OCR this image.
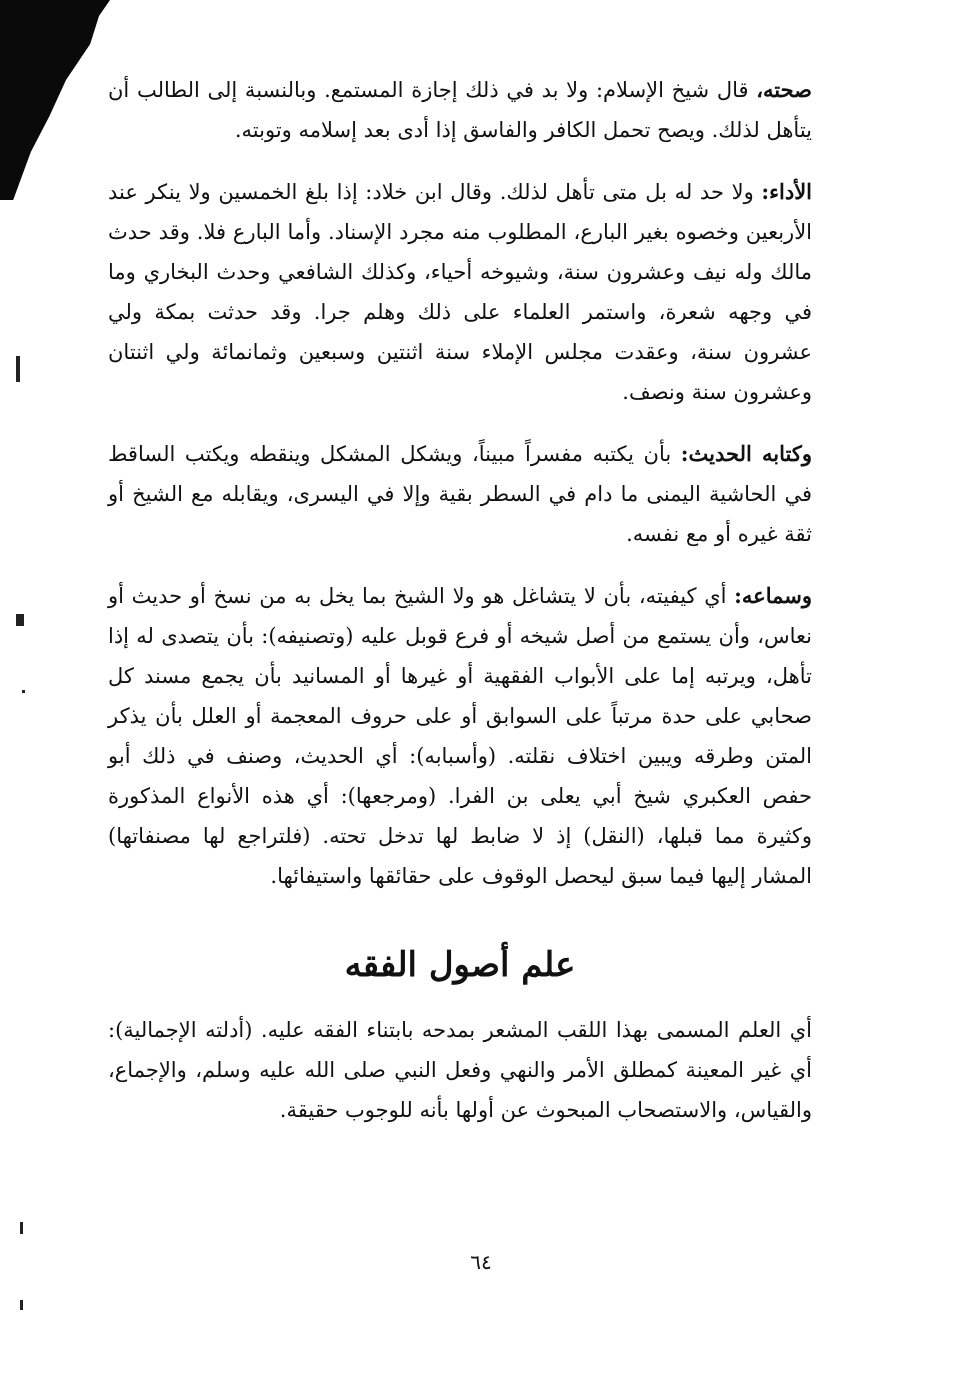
صحته، قال شيخ الإسلام: ولا بد في ذلك إجازة المستمع. وبالنسبة إلى الطالب أن يتأهل لذلك. ويصح تحمل الكافر والفاسق إذا أدى بعد إسلامه وتوبته.

الأداء: ولا حد له بل متى تأهل لذلك. وقال ابن خلاد: إذا بلغ الخمسين ولا ينكر عند الأربعين وخصوه بغير البارع، المطلوب منه مجرد الإسناد. وأما البارع فلا. وقد حدث مالك وله نيف وعشرون سنة، وشيوخه أحياء، وكذلك الشافعي وحدث البخاري وما في وجهه شعرة، واستمر العلماء على ذلك وهلم جرا. وقد حدثت بمكة ولي عشرون سنة، وعقدت مجلس الإملاء سنة اثنتين وسبعين وثمانمائة ولي اثنتان وعشرون سنة ونصف.

وكتابه الحديث: بأن يكتبه مفسراً مبيناً، ويشكل المشكل وينقطه ويكتب الساقط في الحاشية اليمنى ما دام في السطر بقية وإلا في اليسرى، ويقابله مع الشيخ أو ثقة غيره أو مع نفسه.

وسماعه: أي كيفيته، بأن لا يتشاغل هو ولا الشيخ بما يخل به من نسخ أو حديث أو نعاس، وأن يستمع من أصل شيخه أو فرع قوبل عليه (وتصنيفه): بأن يتصدى له إذا تأهل، ويرتبه إما على الأبواب الفقهية أو غيرها أو المسانيد بأن يجمع مسند كل صحابي على حدة مرتباً على السوابق أو على حروف المعجمة أو العلل بأن يذكر المتن وطرقه ويبين اختلاف نقلته. (وأسبابه): أي الحديث، وصنف في ذلك أبو حفص العكبري شيخ أبي يعلى بن الفرا. (ومرجعها): أي هذه الأنواع المذكورة وكثيرة مما قبلها، (النقل) إذ لا ضابط لها تدخل تحته. (فلتراجع لها مصنفاتها) المشار إليها فيما سبق ليحصل الوقوف على حقائقها واستيفائها.

علم أصول الفقه

أي العلم المسمى بهذا اللقب المشعر بمدحه بابتناء الفقه عليه. (أدلته الإجمالية): أي غير المعينة كمطلق الأمر والنهي وفعل النبي صلى الله عليه وسلم، والإجماع، والقياس، والاستصحاب المبحوث عن أولها بأنه للوجوب حقيقة.

٦٤
